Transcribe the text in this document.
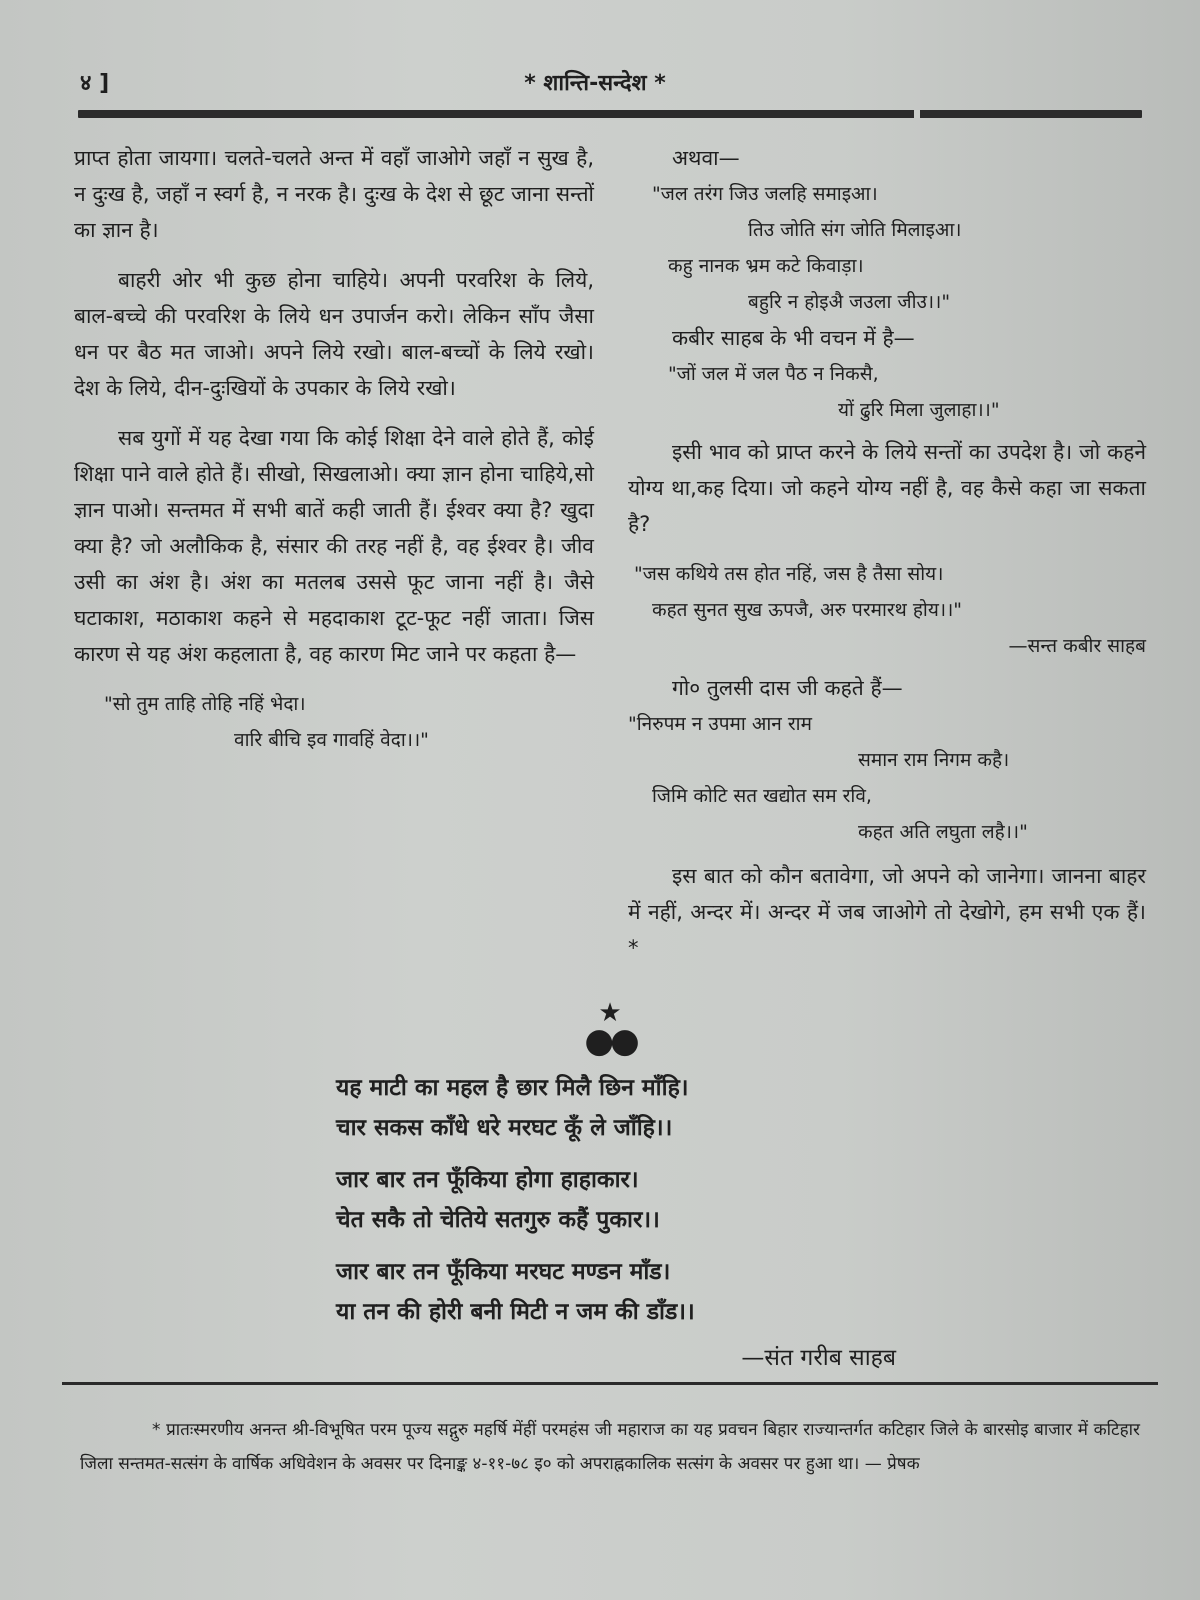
४ ]	* शान्ति-सन्देश *

प्राप्त होता जायगा। चलते-चलते अन्त में वहाँ जाओगे जहाँ न सुख है, न दुःख है, जहाँ न स्वर्ग है, न नरक है। दुःख के देश से छूट जाना सन्तों का ज्ञान है।

बाहरी ओर भी कुछ होना चाहिये। अपनी परवरिश के लिये, बाल-बच्चे की परवरिश के लिये धन उपार्जन करो। लेकिन साँप जैसा धन पर बैठ मत जाओ। अपने लिये रखो। बाल-बच्चों के लिये रखो। देश के लिये, दीन-दुःखियों के उपकार के लिये रखो।

सब युगों में यह देखा गया कि कोई शिक्षा देने वाले होते हैं, कोई शिक्षा पाने वाले होते हैं। सीखो, सिखलाओ। क्या ज्ञान होना चाहिये,सो ज्ञान पाओ। सन्तमत में सभी बातें कही जाती हैं। ईश्वर क्या है? खुदा क्या है? जो अलौकिक है, संसार की तरह नहीं है, वह ईश्वर है। जीव उसी का अंश है। अंश का मतलब उससे फूट जाना नहीं है। जैसे घटाकाश, मठाकाश कहने से महदाकाश टूट-फूट नहीं जाता। जिस कारण से यह अंश कहलाता है, वह कारण मिट जाने पर कहता है—

"सो तुम ताहि तोहि नहिं भेदा।

वारि बीचि इव गावहिं वेदा।।"

अथवा—

"जल तरंग जिउ जलहि समाइआ।

तिउ जोति संग जोति मिलाइआ।

कहु नानक भ्रम कटे किवाड़ा।

बहुरि न होइअै जउला जीउ।।"

कबीर साहब के भी वचन में है—

"जों जल में जल पैठ न निकसै,

यों ढुरि मिला जुलाहा।।"

इसी भाव को प्राप्त करने के लिये सन्तों का उपदेश है। जो कहने योग्य था,कह दिया। जो कहने योग्य नहीं है, वह कैसे कहा जा सकता है?

"जस कथिये तस होत नहिं, जस है तैसा सोय।

कहत सुनत सुख ऊपजै, अरु परमारथ होय।।"

—सन्त कबीर साहब

गो० तुलसी दास जी कहते हैं—

"निरुपम न उपमा आन राम

समान राम निगम कहै।

जिमि कोटि सत खद्योत सम रवि,

कहत अति लघुता लहै।।"

इस बात को कौन बतावेगा, जो अपने को जानेगा। जानना बाहर में नहीं, अन्दर में। अन्दर में जब जाओगे तो देखोगे, हम सभी एक हैं। *

★
●●

यह माटी का महल है छार मिलै छिन माँहि।

चार सकस काँधे धरे मरघट कूँ ले जाँहि।।

जार बार तन फूँकिया होगा हाहाकार।

चेत सकै तो चेतिये सतगुरु कहैं पुकार।।

जार बार तन फूँकिया मरघट मण्डन माँड।

या तन की होरी बनी मिटी न जम की डाँड।।

—संत गरीब साहब

* प्रातःस्मरणीय अनन्त श्री-विभूषित परम पूज्य सद्गुरु महर्षि मेंहीं परमहंस जी महाराज का यह प्रवचन बिहार राज्यान्तर्गत कटिहार जिले के बारसोइ बाजार में कटिहार जिला सन्तमत-सत्संग के वार्षिक अधिवेशन के अवसर पर दिनाङ्क ४-११-७८ इ० को अपराह्नकालिक सत्संग के अवसर पर हुआ था। — प्रेषक
